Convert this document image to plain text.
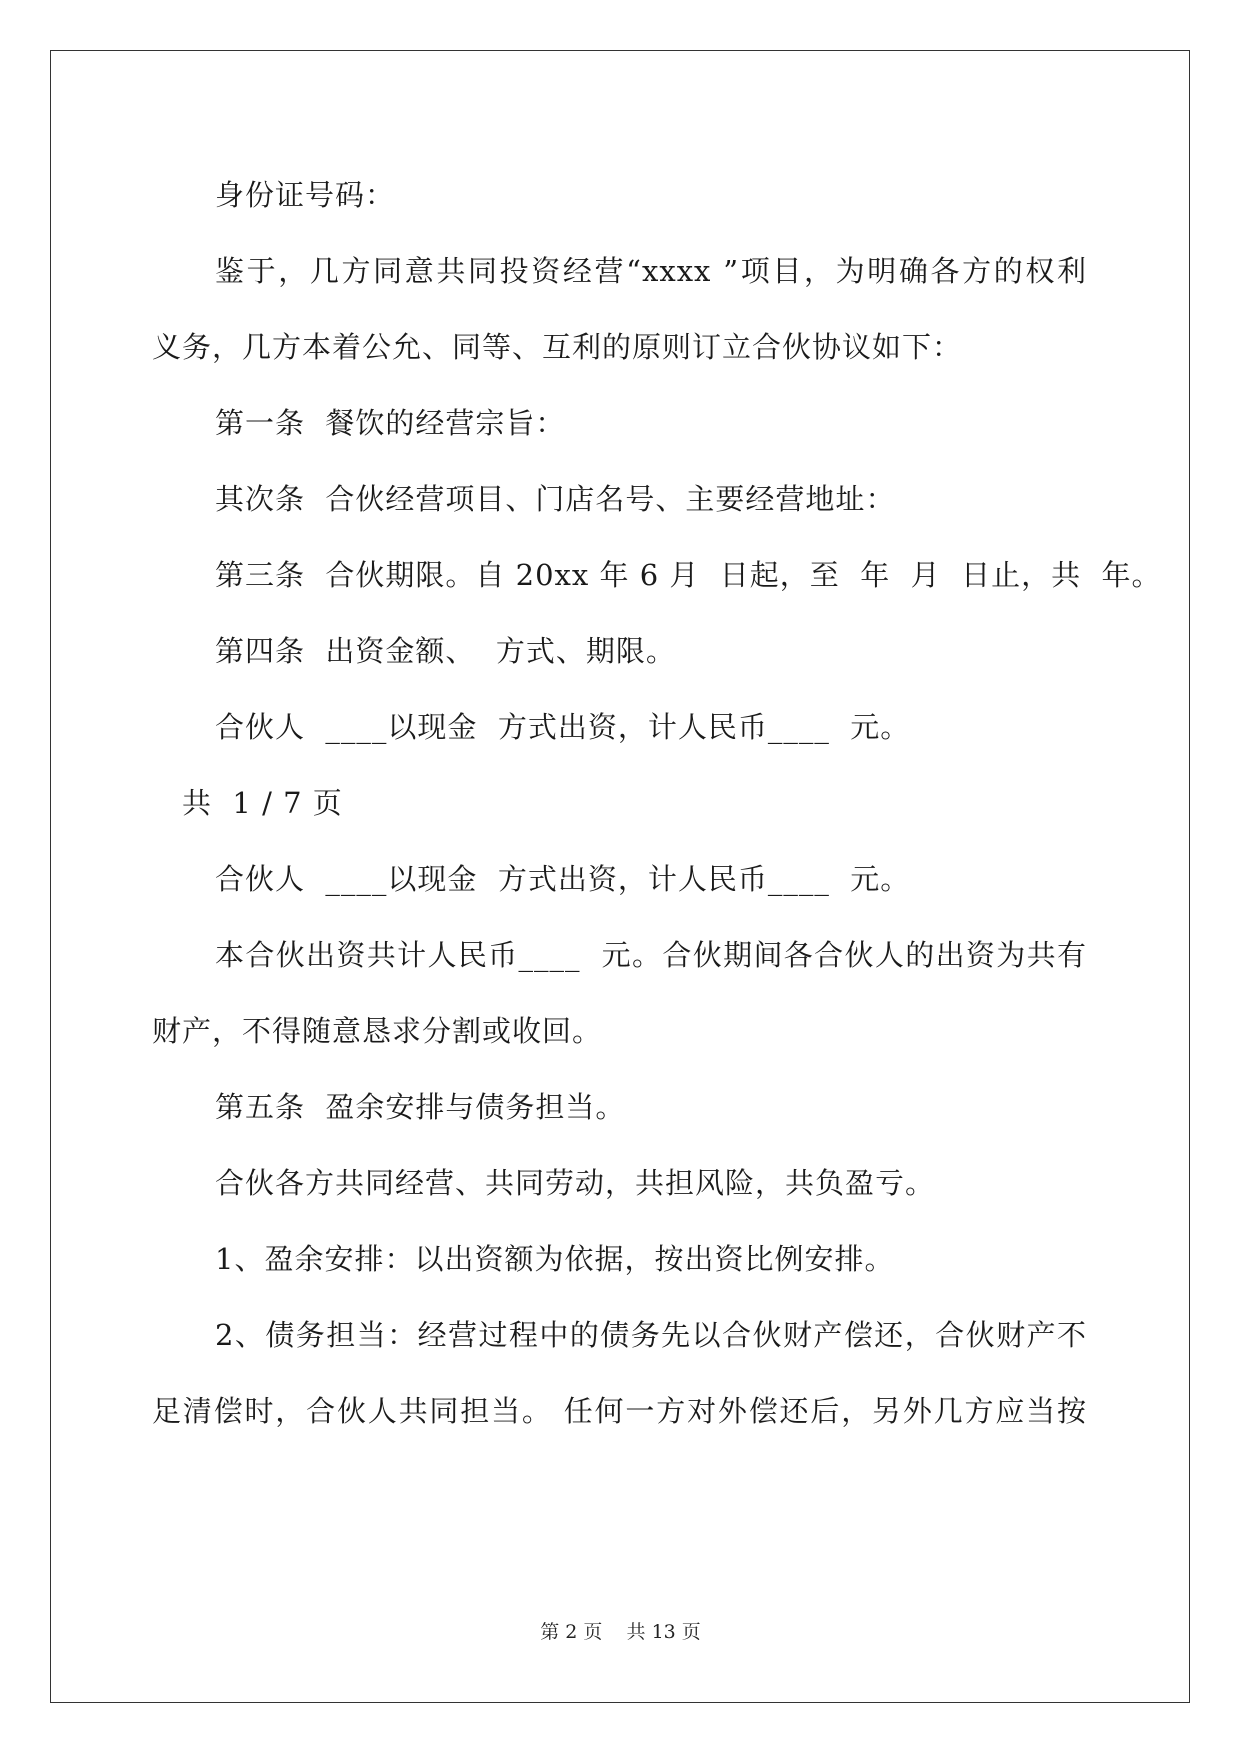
身份证号码：
鉴于，几方同意共同投资经营“xxxx ”项目，为明确各方的权利
义务，几方本着公允、同等、互利的原则订立合伙协议如下：
第一条  餐饮的经营宗旨：
其次条  合伙经营项目、门店名号、主要经营地址：
第三条  合伙期限。自 20xx 年 6 月  日起，至  年  月  日止，共  年。
第四条  出资金额、  方式、期限。
合伙人  ____以现金  方式出资，计人民币____  元。
共  1 / 7 页
合伙人  ____以现金  方式出资，计人民币____  元。
本合伙出资共计人民币____  元。合伙期间各合伙人的出资为共有
财产，不得随意恳求分割或收回。
第五条  盈余安排与债务担当。
合伙各方共同经营、共同劳动，共担风险，共负盈亏。
1、盈余安排：以出资额为依据，按出资比例安排。
2、债务担当：经营过程中的债务先以合伙财产偿还，合伙财产不
足清偿时，合伙人共同担当。 任何一方对外偿还后，另外几方应当按
第 2 页    共 13 页
